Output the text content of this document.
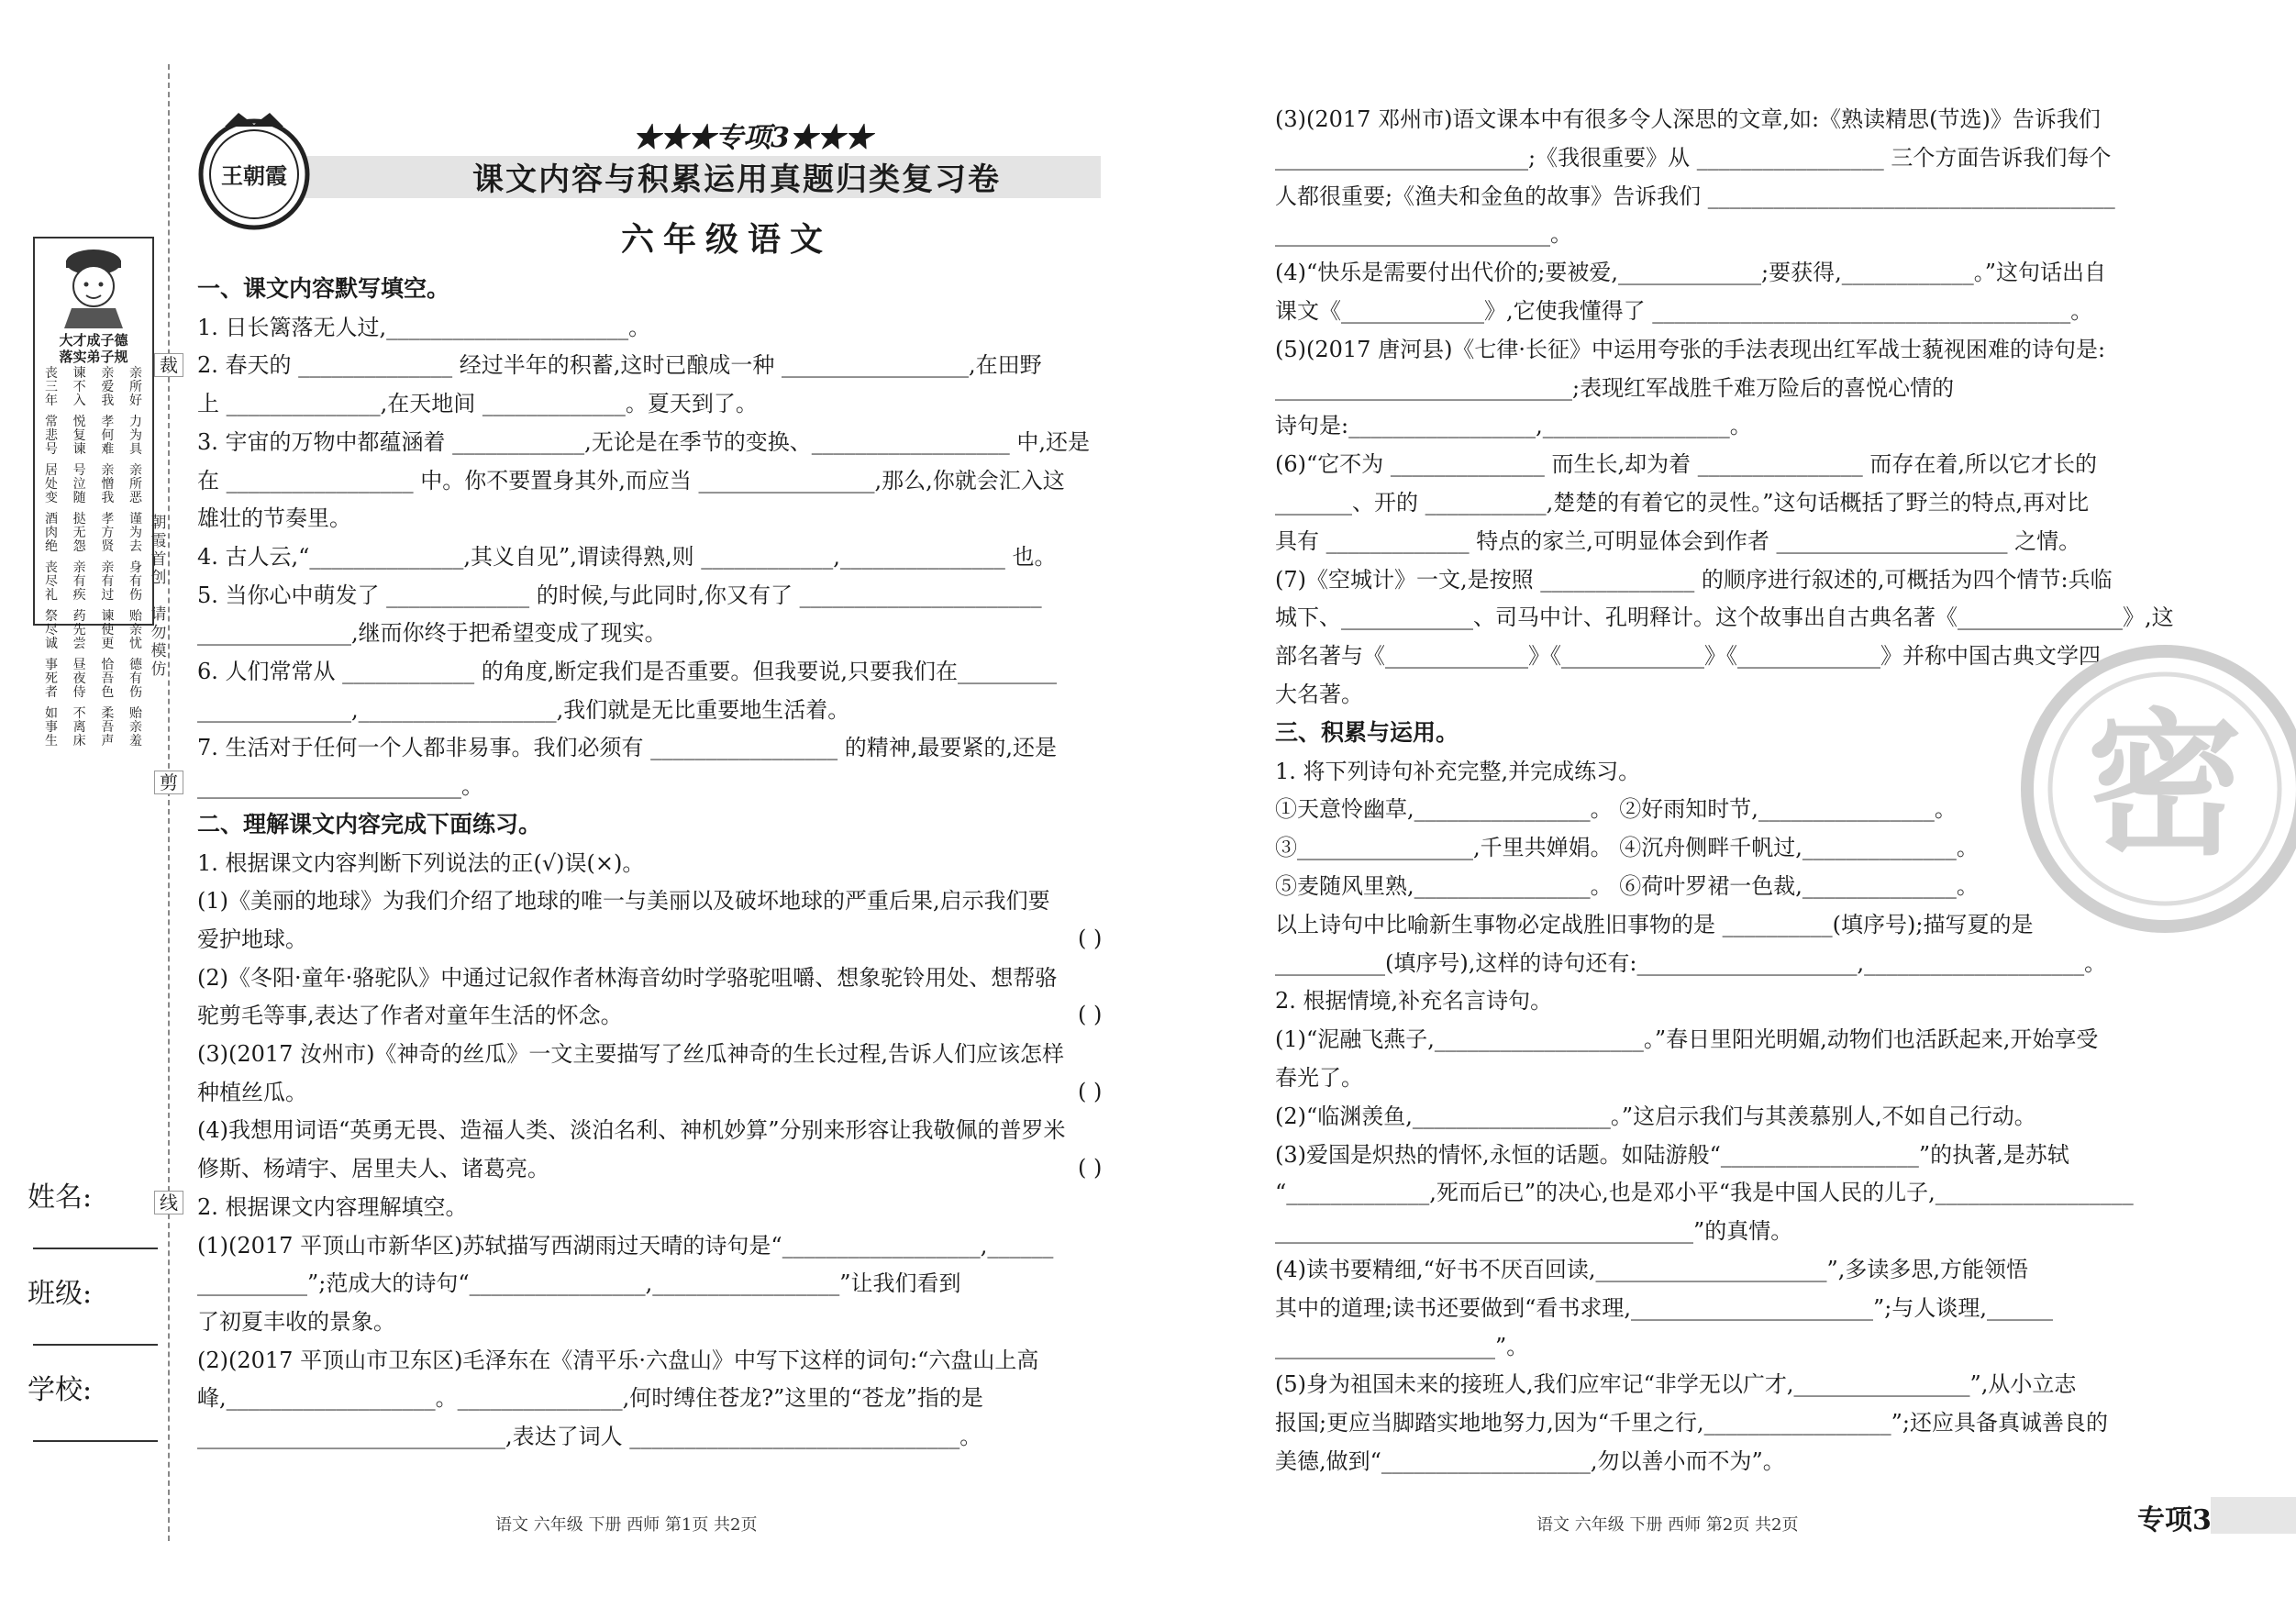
大才成子德
落实弟子规
丧
三
年
谏
不
入
亲
爱
我
亲
所
好
常
悲
号
悦
复
谏
孝
何
难
力
为
具
居
处
变
号
泣
随
亲
憎
我
亲
所
恶
酒
肉
绝
挞
无
怨
孝
方
贤
谨
为
去
丧
尽
礼
亲
有
疾
亲
有
过
身
有
伤
祭
尽
诚
药
先
尝
谏
使
更
贻
亲
忧
事
死
者
昼
夜
侍
恰
吾
色
德
有
伤
如
事
生
不
离
床
柔
吾
声
贻
亲
羞
裁
朝
霞
首
创
请
勿
模
仿
剪
线
姓名:
班级:
学校:
王朝霞
★★★专项3★★★
课文内容与积累运用真题归类复习卷
六年级语文
一、课文内容默写填空。
1. 日长篱落无人过,______________________。
2. 春天的 ______________ 经过半年的积蓄,这时已酿成一种 _________________,在田野
上 ______________,在天地间 _____________。夏天到了。
3. 宇宙的万物中都蕴涵着 ____________,无论是在季节的变换、__________________ 中,还是
在 _________________ 中。你不要置身其外,而应当 ________________,那么,你就会汇入这
雄壮的节奏里。
4. 古人云,“______________,其义自见”,谓读得熟,则 ____________,_______________ 也。
5. 当你心中萌发了 _____________ 的时候,与此同时,你又有了 ______________________
______________,继而你终于把希望变成了现实。
6. 人们常常从 ____________ 的角度,断定我们是否重要。但我要说,只要我们在_________
______________,__________________,我们就是无比重要地生活着。
7. 生活对于任何一个人都非易事。我们必须有 _________________ 的精神,最要紧的,还是
________________________。
二、理解课文内容完成下面练习。
1. 根据课文内容判断下列说法的正(√)误(×)。
(1)《美丽的地球》为我们介绍了地球的唯一与美丽以及破坏地球的严重后果,启示我们要
爱护地球。	( )
(2)《冬阳·童年·骆驼队》中通过记叙作者林海音幼时学骆驼咀嚼、想象驼铃用处、想帮骆
驼剪毛等事,表达了作者对童年生活的怀念。	( )
(3)(2017 汝州市)《神奇的丝瓜》一文主要描写了丝瓜神奇的生长过程,告诉人们应该怎样
种植丝瓜。	( )
(4)我想用词语“英勇无畏、造福人类、淡泊名利、神机妙算”分别来形容让我敬佩的普罗米
修斯、杨靖宇、居里夫人、诸葛亮。	( )
2. 根据课文内容理解填空。
(1)(2017 平顶山市新华区)苏轼描写西湖雨过天晴的诗句是“__________________,______
__________”;范成大的诗句“________________,_________________”让我们看到
了初夏丰收的景象。
(2)(2017 平顶山市卫东区)毛泽东在《清平乐·六盘山》中写下这样的词句:“六盘山上高
峰,___________________。_______________,何时缚住苍龙?”这里的“苍龙”指的是
____________________________,表达了词人 ______________________________。
(3)(2017 邓州市)语文课本中有很多令人深思的文章,如:《熟读精思(节选)》告诉我们
_______________________;《我很重要》从 _________________ 三个方面告诉我们每个
人都很重要;《渔夫和金鱼的故事》告诉我们 _____________________________________
_________________________。
(4)“快乐是需要付出代价的;要被爱,_____________;要获得,____________。”这句话出自
课文《_____________》,它使我懂得了 ______________________________________。
(5)(2017 唐河县)《七律·长征》中运用夸张的手法表现出红军战士藐视困难的诗句是:
___________________________;表现红军战胜千难万险后的喜悦心情的
诗句是:_________________,_________________。
(6)“它不为 ______________ 而生长,却为着 _______________ 而存在着,所以它才长的
_______、开的 ___________,楚楚的有着它的灵性。”这句话概括了野兰的特点,再对比
具有 _____________ 特点的家兰,可明显体会到作者 _____________________ 之情。
(7)《空城计》一文,是按照 ______________ 的顺序进行叙述的,可概括为四个情节:兵临
城下、____________、司马中计、孔明释计。这个故事出自古典名著《_______________》,这
部名著与《_____________》《_____________》《_____________》并称中国古典文学四
大名著。
三、积累与运用。
1. 将下列诗句补充完整,并完成练习。
①天意怜幽草,________________。 ②好雨知时节,________________。
③________________,千里共婵娟。 ④沉舟侧畔千帆过,______________。
⑤麦随风里熟,________________。 ⑥荷叶罗裙一色裁,______________。
以上诗句中比喻新生事物必定战胜旧事物的是 __________(填序号);描写夏的是
__________(填序号),这样的诗句还有:____________________,____________________。
2. 根据情境,补充名言诗句。
(1)“泥融飞燕子,___________________。”春日里阳光明媚,动物们也活跃起来,开始享受
春光了。
(2)“临渊羡鱼,__________________。”这启示我们与其羡慕别人,不如自己行动。
(3)爱国是炽热的情怀,永恒的话题。如陆游般“__________________”的执著,是苏轼
“_____________,死而后已”的决心,也是邓小平“我是中国人民的儿子,__________________
______________________________________”的真情。
(4)读书要精细,“好书不厌百回读,_____________________”,多读多思,方能领悟
其中的道理;读书还要做到“看书求理,______________________”;与人谈理,______
____________________”。
(5)身为祖国未来的接班人,我们应牢记“非学无以广才,________________”,从小立志
报国;更应当脚踏实地地努力,因为“千里之行,_________________”;还应具备真诚善良的
美德,做到“___________________,勿以善小而不为”。
密
语文 六年级 下册 西师 第1页 共2页	语文 六年级 下册 西师 第2页 共2页	专项3
